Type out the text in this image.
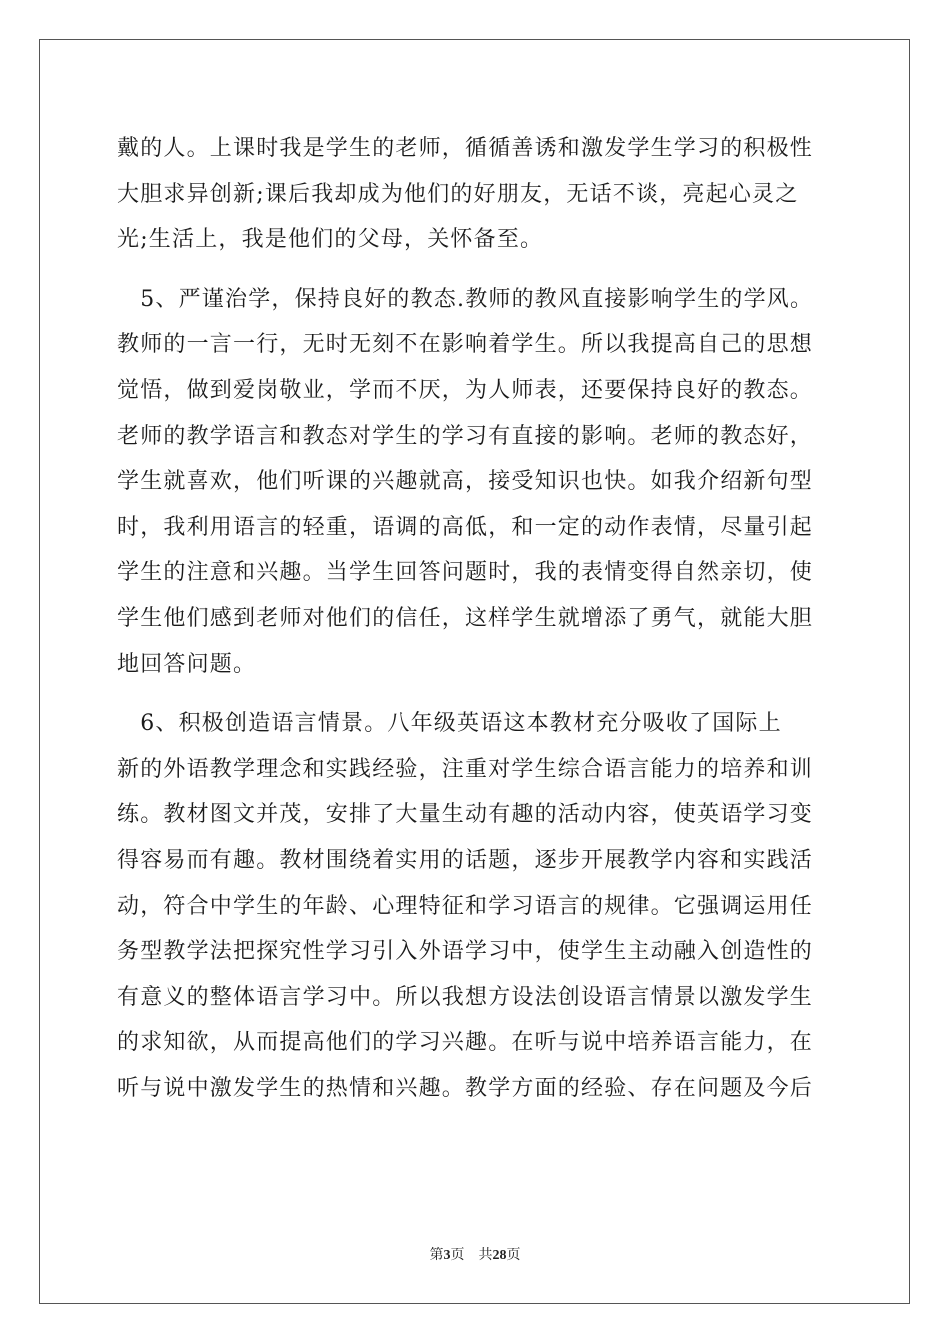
戴的人。上课时我是学生的老师，循循善诱和激发学生学习的积极性
大胆求异创新;课后我却成为他们的好朋友，无话不谈，亮起心灵之
光;生活上，我是他们的父母，关怀备至。
　5、严谨治学，保持良好的教态.教师的教风直接影响学生的学风。
教师的一言一行，无时无刻不在影响着学生。所以我提高自己的思想
觉悟，做到爱岗敬业，学而不厌，为人师表，还要保持良好的教态。
老师的教学语言和教态对学生的学习有直接的影响。老师的教态好，
学生就喜欢，他们听课的兴趣就高，接受知识也快。如我介绍新句型
时，我利用语言的轻重，语调的高低，和一定的动作表情，尽量引起
学生的注意和兴趣。当学生回答问题时，我的表情变得自然亲切，使
学生他们感到老师对他们的信任，这样学生就增添了勇气，就能大胆
地回答问题。
　6、积极创造语言情景。八年级英语这本教材充分吸收了国际上
新的外语教学理念和实践经验，注重对学生综合语言能力的培养和训
练。教材图文并茂，安排了大量生动有趣的活动内容，使英语学习变
得容易而有趣。教材围绕着实用的话题，逐步开展教学内容和实践活
动，符合中学生的年龄、心理特征和学习语言的规律。它强调运用任
务型教学法把探究性学习引入外语学习中，使学生主动融入创造性的
有意义的整体语言学习中。所以我想方设法创设语言情景以激发学生
的求知欲，从而提高他们的学习兴趣。在听与说中培养语言能力，在
听与说中激发学生的热情和兴趣。教学方面的经验、存在问题及今后
第3页 共28页
